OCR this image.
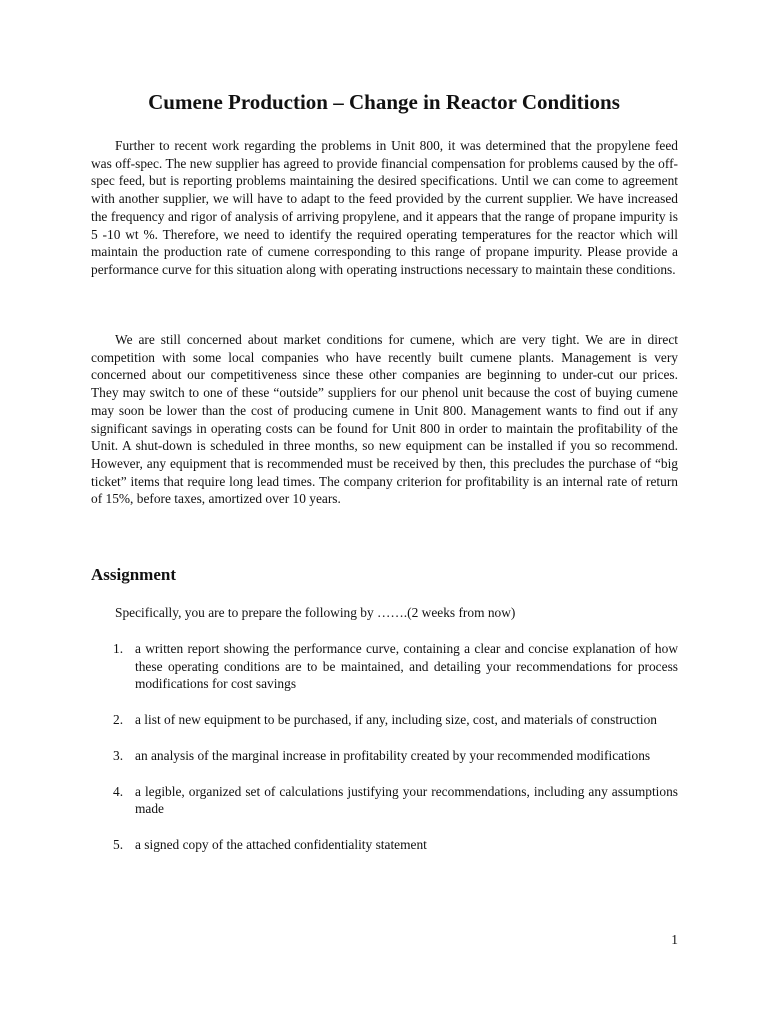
Cumene Production – Change in Reactor Conditions

Further to recent work regarding the problems in Unit 800, it was determined that the propylene feed was off-spec. The new supplier has agreed to provide financial compensation for problems caused by the off-spec feed, but is reporting problems maintaining the desired specifications. Until we can come to agreement with another supplier, we will have to adapt to the feed provided by the current supplier. We have increased the frequency and rigor of analysis of arriving propylene, and it appears that the range of propane impurity is 5 -10 wt %. Therefore, we need to identify the required operating temperatures for the reactor which will maintain the production rate of cumene corresponding to this range of propane impurity. Please provide a performance curve for this situation along with operating instructions necessary to maintain these conditions.

We are still concerned about market conditions for cumene, which are very tight. We are in direct competition with some local companies who have recently built cumene plants. Management is very concerned about our competitiveness since these other companies are beginning to under-cut our prices. They may switch to one of these “outside” suppliers for our phenol unit because the cost of buying cumene may soon be lower than the cost of producing cumene in Unit 800. Management wants to find out if any significant savings in operating costs can be found for Unit 800 in order to maintain the profitability of the Unit. A shut-down is scheduled in three months, so new equipment can be installed if you so recommend. However, any equipment that is recommended must be received by then, this precludes the purchase of “big ticket” items that require long lead times. The company criterion for profitability is an internal rate of return of 15%, before taxes, amortized over 10 years.

Assignment

Specifically, you are to prepare the following by …….(2 weeks from now)

1. a written report showing the performance curve, containing a clear and concise explanation of how these operating conditions are to be maintained, and detailing your recommendations for process modifications for cost savings
2. a list of new equipment to be purchased, if any, including size, cost, and materials of construction
3. an analysis of the marginal increase in profitability created by your recommended modifications
4. a legible, organized set of calculations justifying your recommendations, including any assumptions made
5. a signed copy of the attached confidentiality statement
1
